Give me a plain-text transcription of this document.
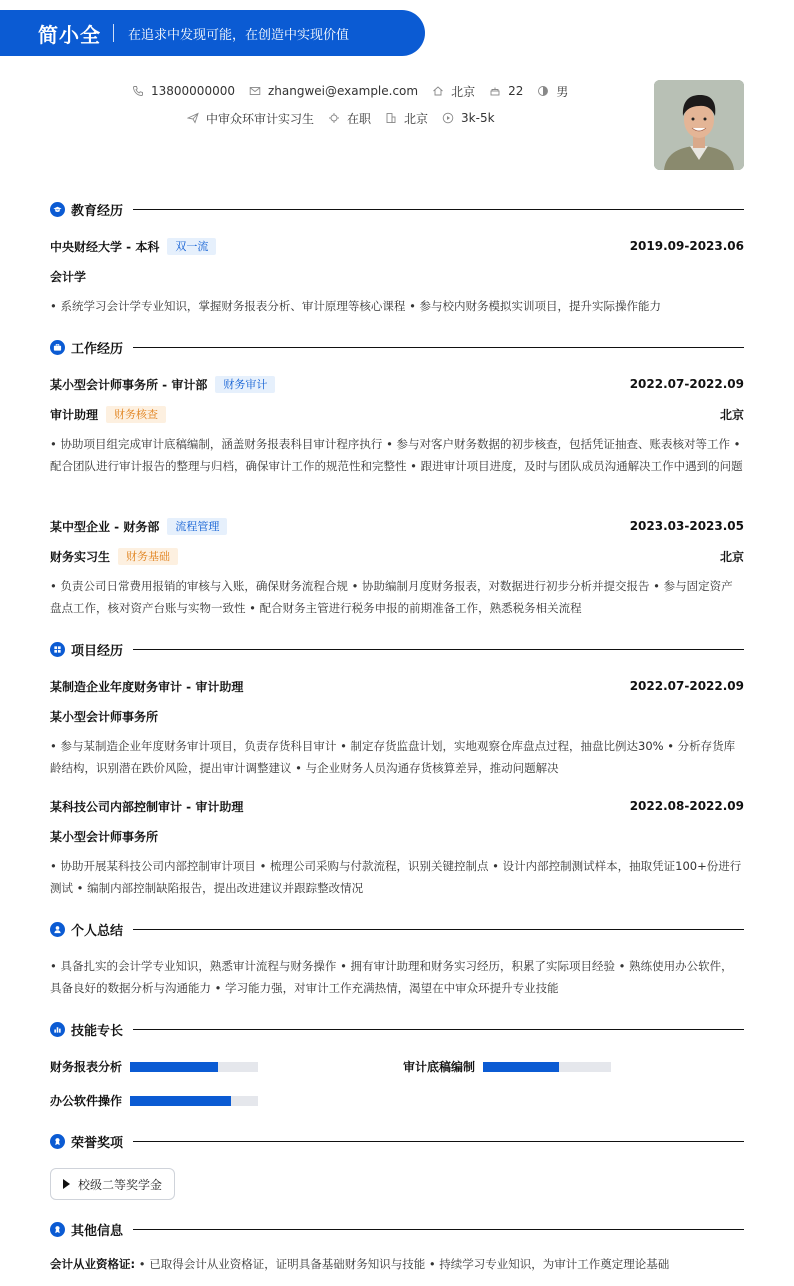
简小全 在追求中发现可能，在创造中实现价值
13800000000	zhangwei@example.com	北京	22	男
中审众环审计实习生	在职	北京	3k-5k
教育经历
中央财经大学 - 本科	双一流	2019.09-2023.06
会计学
• 系统学习会计学专业知识，掌握财务报表分析、审计原理等核心课程 • 参与校内财务模拟实训项目，提升实际操作能力
工作经历
某小型会计师事务所 - 审计部	财务审计	2022.07-2022.09
审计助理	财务核查	北京
• 协助项目组完成审计底稿编制，涵盖财务报表科目审计程序执行 • 参与对客户财务数据的初步核查，包括凭证抽查、账表核对等工作 • 配合团队进行审计报告的整理与归档，确保审计工作的规范性和完整性 • 跟进审计项目进度，及时与团队成员沟通解决工作中遇到的问题
某中型企业 - 财务部	流程管理	2023.03-2023.05
财务实习生	财务基础	北京
• 负责公司日常费用报销的审核与入账，确保财务流程合规 • 协助编制月度财务报表，对数据进行初步分析并提交报告 • 参与固定资产盘点工作，核对资产台账与实物一致性 • 配合财务主管进行税务申报的前期准备工作，熟悉税务相关流程
项目经历
某制造企业年度财务审计 - 审计助理	2022.07-2022.09
某小型会计师事务所
• 参与某制造企业年度财务审计项目，负责存货科目审计 • 制定存货监盘计划，实地观察仓库盘点过程，抽盘比例达30% • 分析存货库龄结构，识别潜在跌价风险，提出审计调整建议 • 与企业财务人员沟通存货核算差异，推动问题解决
某科技公司内部控制审计 - 审计助理	2022.08-2022.09
某小型会计师事务所
• 协助开展某科技公司内部控制审计项目 • 梳理公司采购与付款流程，识别关键控制点 • 设计内部控制测试样本，抽取凭证100+份进行测试 • 编制内部控制缺陷报告，提出改进建议并跟踪整改情况
个人总结
• 具备扎实的会计学专业知识，熟悉审计流程与财务操作 • 拥有审计助理和财务实习经历，积累了实际项目经验 • 熟练使用办公软件，具备良好的数据分析与沟通能力 • 学习能力强，对审计工作充满热情，渴望在中审众环提升专业技能
技能专长
财务报表分析	审计底稿编制
办公软件操作
荣誉奖项
校级二等奖学金
其他信息
会计从业资格证: • 已取得会计从业资格证，证明具备基础财务知识与技能 • 持续学习专业知识，为审计工作奠定理论基础
